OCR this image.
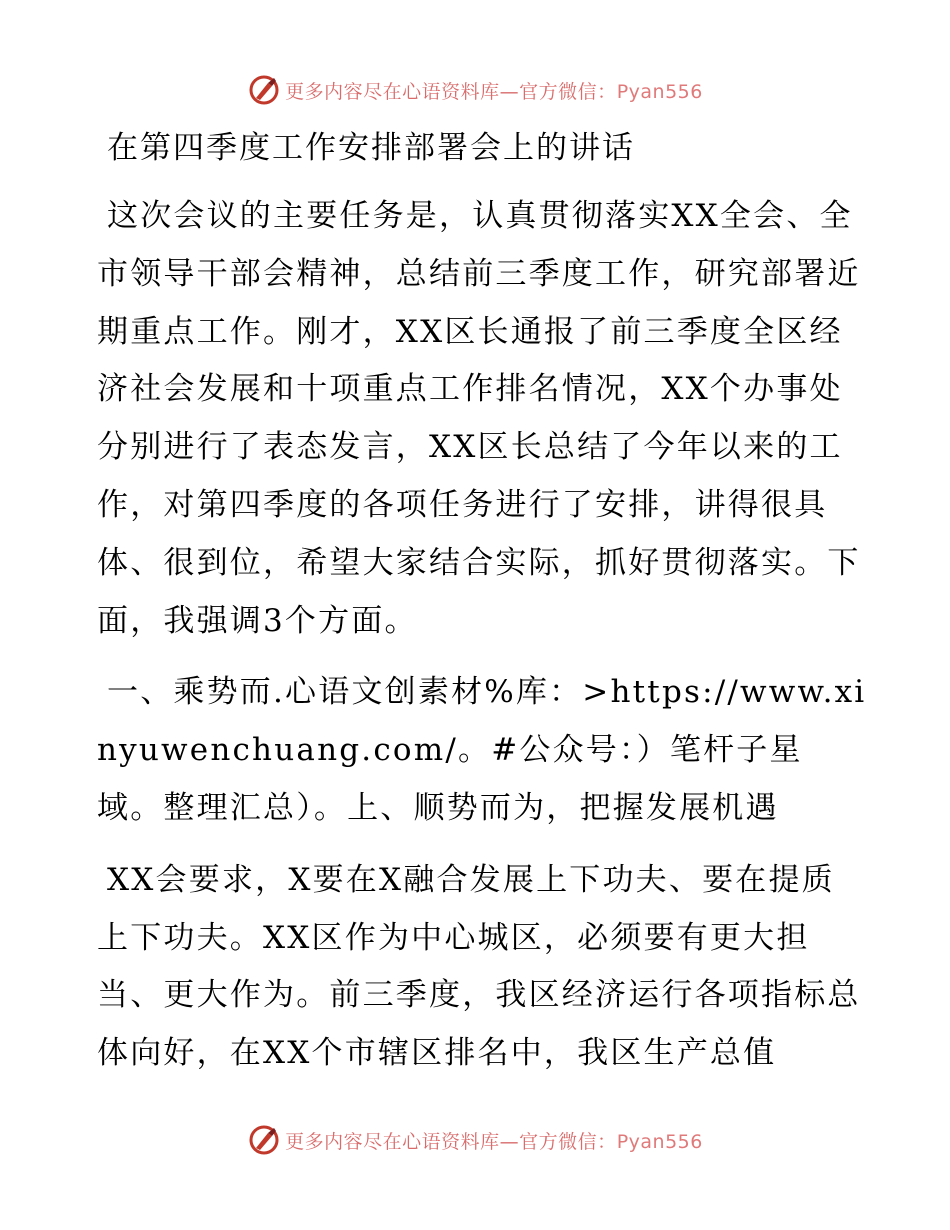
更多内容尽在心语资料库—官方微信：Pyan556
在第四季度工作安排部署会上的讲话

这次会议的主要任务是，认真贯彻落实XX全会、全市领导干部会精神，总结前三季度工作，研究部署近期重点工作。刚才，XX区长通报了前三季度全区经济社会发展和十项重点工作排名情况，XX个办事处分别进行了表态发言，XX区长总结了今年以来的工作，对第四季度的各项任务进行了安排，讲得很具体、很到位，希望大家结合实际，抓好贯彻落实。下面，我强调3个方面。

一、乘势而.心语文创素材%库：>https://www.xinyuwenchuang.com/。#公众号：）笔杆子星域。整理汇总）。上、顺势而为，把握发展机遇

XX会要求，X要在X融合发展上下功夫、要在提质上下功夫。XX区作为中心城区，必须要有更大担当、更大作为。前三季度，我区经济运行各项指标总体向好，在XX个市辖区排名中，我区生产总值

更多内容尽在心语资料库—官方微信：Pyan556
